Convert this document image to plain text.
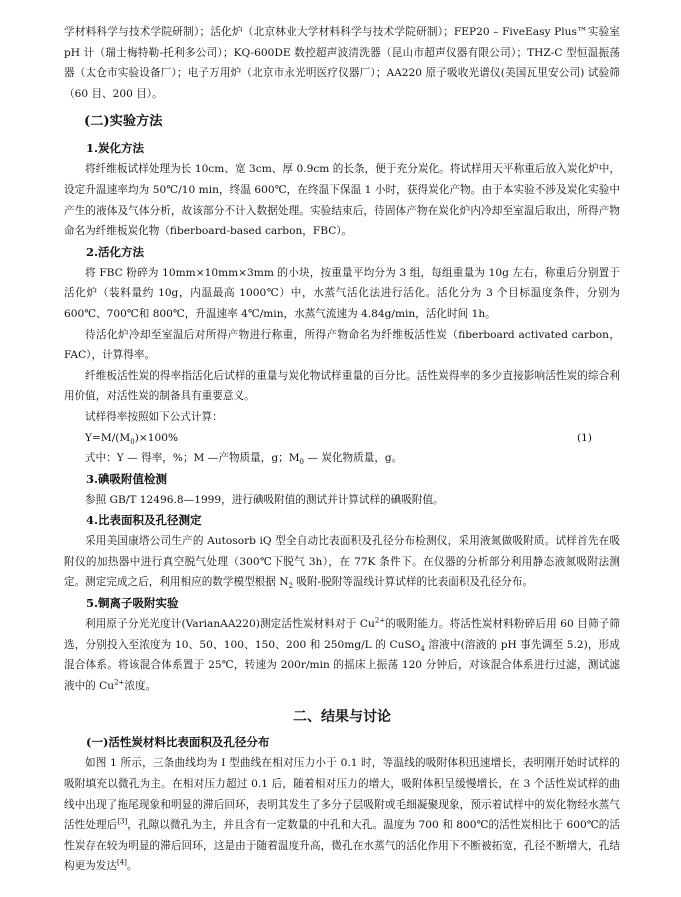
学材料科学与技术学院研制）；活化炉（北京林业大学材料科学与技术学院研制）；FEP20 – FiveEasy Plus™实验室 pH 计（瑞士梅特勒-托利多公司）；KQ-600DE 数控超声波清洗器（昆山市超声仪器有限公司）；THZ-C 型恒温振荡器（太仓市实验设备厂）；电子万用炉（北京市永光明医疗仪器厂）；AA220 原子吸收光谱仪(美国瓦里安公司) 试验筛（60 目、200 目）。

(二)实验方法
1.炭化方法

将纤维板试样处理为长 10cm、宽 3cm、厚 0.9cm 的长条，便于充分炭化。将试样用天平称重后放入炭化炉中，设定升温速率均为 50℃/10 min，终温 600℃，在终温下保温 1 小时，获得炭化产物。由于本实验不涉及炭化实验中产生的液体及气体分析，故该部分不计入数据处理。实验结束后，待固体产物在炭化炉内冷却至室温后取出，所得产物命名为纤维板炭化物（fiberboard-based carbon，FBC）。

2.活化方法

将 FBC 粉碎为 10mm×10mm×3mm 的小块，按重量平均分为 3 组，每组重量为 10g 左右，称重后分别置于活化炉（装料量约 10g，内温最高 1000℃）中，水蒸气活化法进行活化。活化分为 3 个目标温度条件，分别为 600℃、700℃和 800℃，升温速率 4℃/min，水蒸气流速为 4.84g/min，活化时间 1h。

待活化炉冷却至室温后对所得产物进行称重，所得产物命名为纤维板活性炭（fiberboard activated carbon，FAC），计算得率。

纤维板活性炭的得率指活化后试样的重量与炭化物试样重量的百分比。活性炭得率的多少直接影响活性炭的综合利用价值，对活性炭的制备具有重要意义。

试样得率按照如下公式计算：

$Y=M/(M_0)\times 100\%$	(1)

式中：Y — 得率，%；M —产物质量，g；$M_0$ — 炭化物质量，g。

3.碘吸附值检测

参照 GB/T 12496.8—1999，进行碘吸附值的测试并计算试样的碘吸附值。

4.比表面积及孔径测定

采用美国康塔公司生产的 Autosorb iQ 型全自动比表面积及孔径分布检测仪，采用液氮做吸附质。试样首先在吸附仪的加热器中进行真空脱气处理（300℃下脱气 3h），在 77K 条件下。在仪器的分析部分利用静态液氮吸附法测定。测定完成之后，利用相应的数学模型根据 $N_2$ 吸附-脱附等温线计算试样的比表面积及孔径分布。

5.铜离子吸附实验

利用原子分光光度计(VarianAA220)测定活性炭材料对于 $Cu^{2+}$的吸附能力。将活性炭材料粉碎后用 60 目筛子筛选，分别投入至浓度为 10、50、100、150、200 和 250mg/L 的 CuSO$_4$ 溶液中(溶液的 pH 事先调至 5.2)，形成混合体系。将该混合体系置于 25℃，转速为 200r/min 的摇床上振荡 120 分钟后，对该混合体系进行过滤，测试滤液中的 $Cu^{2+}$浓度。

二、结果与讨论
(一)活性炭材料比表面积及孔径分布

如图 1 所示，三条曲线均为 I 型曲线在相对压力小于 0.1 时，等温线的吸附体积迅速增长，表明刚开始时试样的吸附填充以微孔为主。在相对压力超过 0.1 后，随着相对压力的增大，吸附体积呈缓慢增长，在 3 个活性炭试样的曲线中出现了拖尾现象和明显的滞后回环，表明其发生了多分子层吸附或毛细凝聚现象，预示着试样中的炭化物经水蒸气活性处理后[3]，孔隙以微孔为主，并且含有一定数量的中孔和大孔。温度为 700 和 800℃的活性炭相比于 600℃的活性炭存在较为明显的滞后回环，这是由于随着温度升高，微孔在水蒸气的活化作用下不断被拓宽，孔径不断增大，孔结构更为发达[4]。
